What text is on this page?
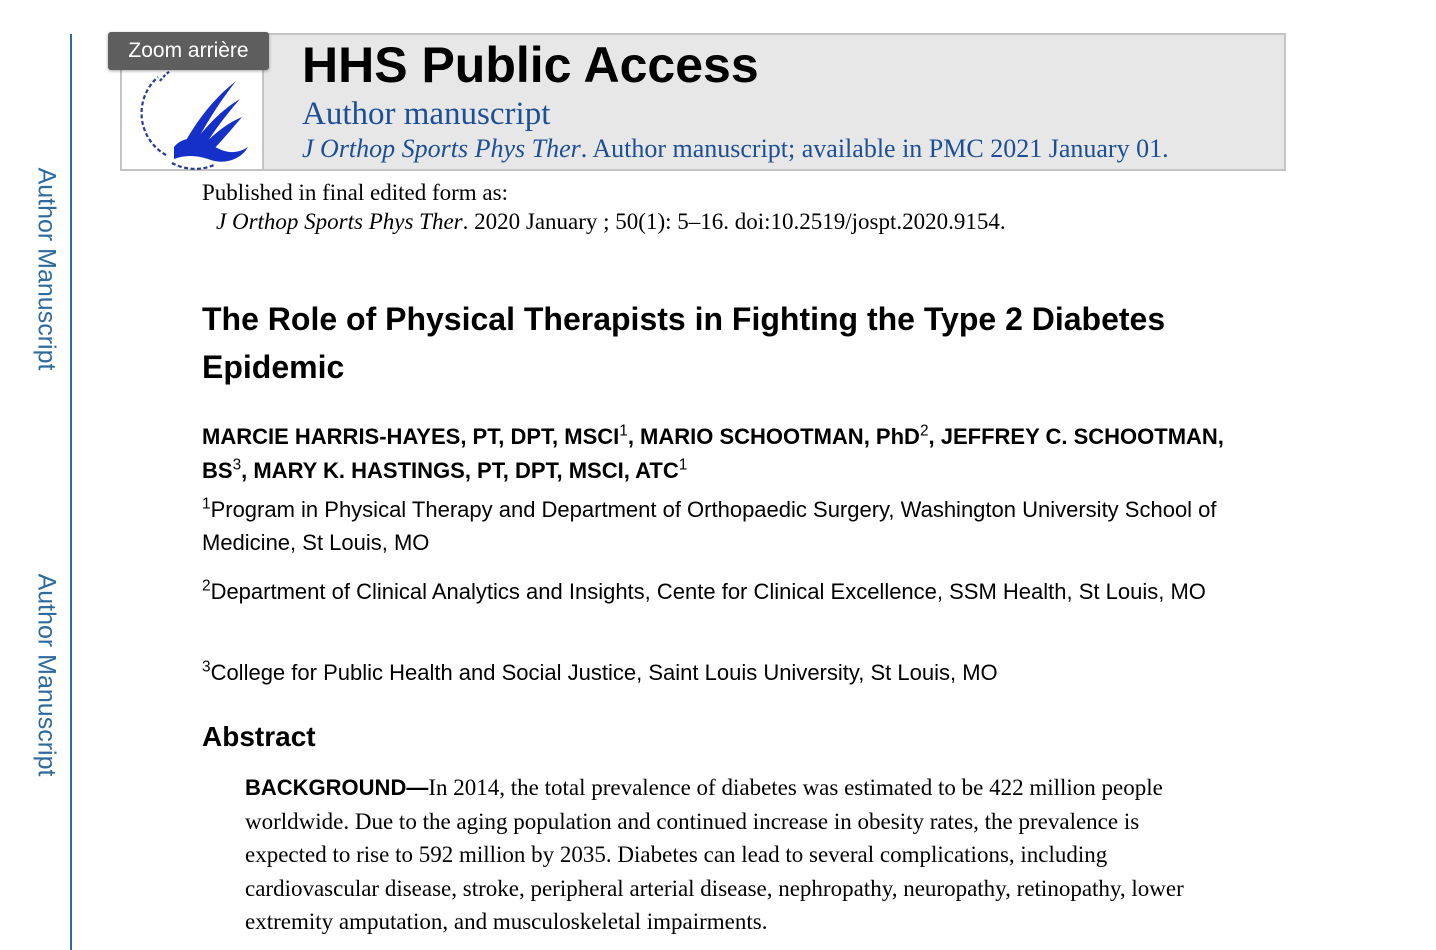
Author Manuscript
Author Manuscript
HHS Public Access
Author manuscript
J Orthop Sports Phys Ther. Author manuscript; available in PMC 2021 January 01.
Zoom arrière
Published in final edited form as:
J Orthop Sports Phys Ther. 2020 January ; 50(1): 5–16. doi:10.2519/jospt.2020.9154.
The Role of Physical Therapists in Fighting the Type 2 Diabetes Epidemic
MARCIE HARRIS-HAYES, PT, DPT, MSCI$^1$, MARIO SCHOOTMAN, PhD$^2$, JEFFREY C. SCHOOTMAN, $BS^3$, MARY K. HASTINGS, PT, DPT, MSCI, ATC$^1$
$^1$Program in Physical Therapy and Department of Orthopaedic Surgery, Washington University School of Medicine, St Louis, MO
$^2$Department of Clinical Analytics and Insights, Cente for Clinical Excellence, SSM Health, St Louis, MO
$^3$College for Public Health and Social Justice, Saint Louis University, St Louis, MO
Abstract
BACKGROUND—In 2014, the total prevalence of diabetes was estimated to be 422 million people worldwide. Due to the aging population and continued increase in obesity rates, the prevalence is expected to rise to 592 million by 2035. Diabetes can lead to several complications, including cardiovascular disease, stroke, peripheral arterial disease, nephropathy, neuropathy, retinopathy, lower extremity amputation, and musculoskeletal impairments.
